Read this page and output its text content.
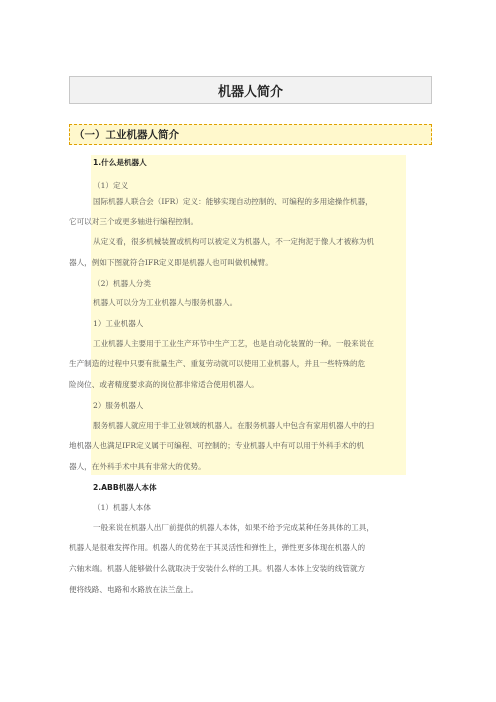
机器人简介
（一）工业机器人简介
1.什么是机器人
（1）定义
国际机器人联合会（IFR）定义：能够实现自动控制的、可编程的多用途操作机器，
它可以对三个或更多轴进行编程控制。
从定义看，很多机械装置或机构可以被定义为机器人，不一定拘泥于像人才被称为机
器人，例如下图就符合IFR定义即是机器人也可叫做机械臂。
（2）机器人分类
机器人可以分为工业机器人与服务机器人。
1）工业机器人
工业机器人主要用于工业生产环节中生产工艺，也是自动化装置的一种。一般来说在
生产制造的过程中只要有批量生产、重复劳动就可以使用工业机器人，并且一些特殊的危
险岗位、或者精度要求高的岗位都非常适合使用机器人。
2）服务机器人
服务机器人就应用于非工业领域的机器人。在服务机器人中包含有家用机器人中的扫
地机器人也满足IFR定义属于可编程、可控制的；专业机器人中有可以用于外科手术的机
器人，在外科手术中具有非常大的优势。
2.ABB机器人本体
（1）机器人本体
一般来说在机器人出厂前提供的机器人本体，如果不给予完成某种任务具体的工具，
机器人是很难发挥作用。机器人的优势在于其灵活性和弹性上，弹性更多体现在机器人的
六轴末端。机器人能够做什么就取决于安装什么样的工具。机器人本体上安装的线管就方
便将线路、电路和水路放在法兰盘上。
